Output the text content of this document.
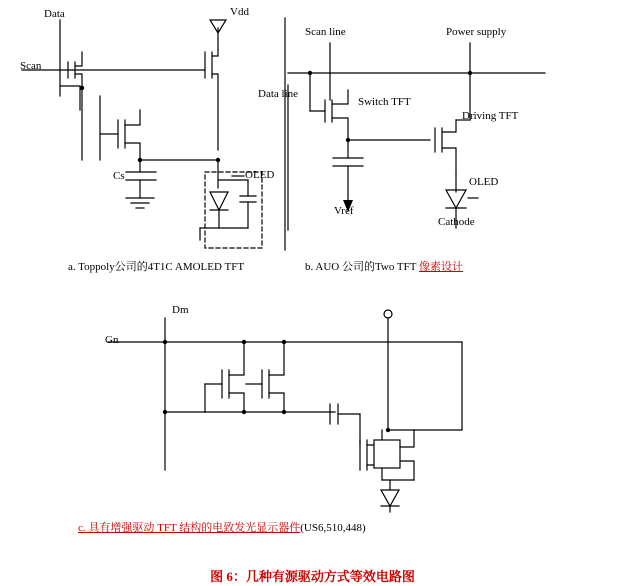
Data	Vdd
Scan
Cs	OLED
Scan line	Power supply
Data line
Switch TFT
Driving TFT
Vref
OLED
Cathode
Dm
Gn
a. Toppoly公司的4T1C AMOLED TFT	b. AUO 公司的Two TFT 像素设计
c. 具有增强驱动 TFT 结构的电致发光显示器件(US6,510,448)
图 6：几种有源驱动方式等效电路图
